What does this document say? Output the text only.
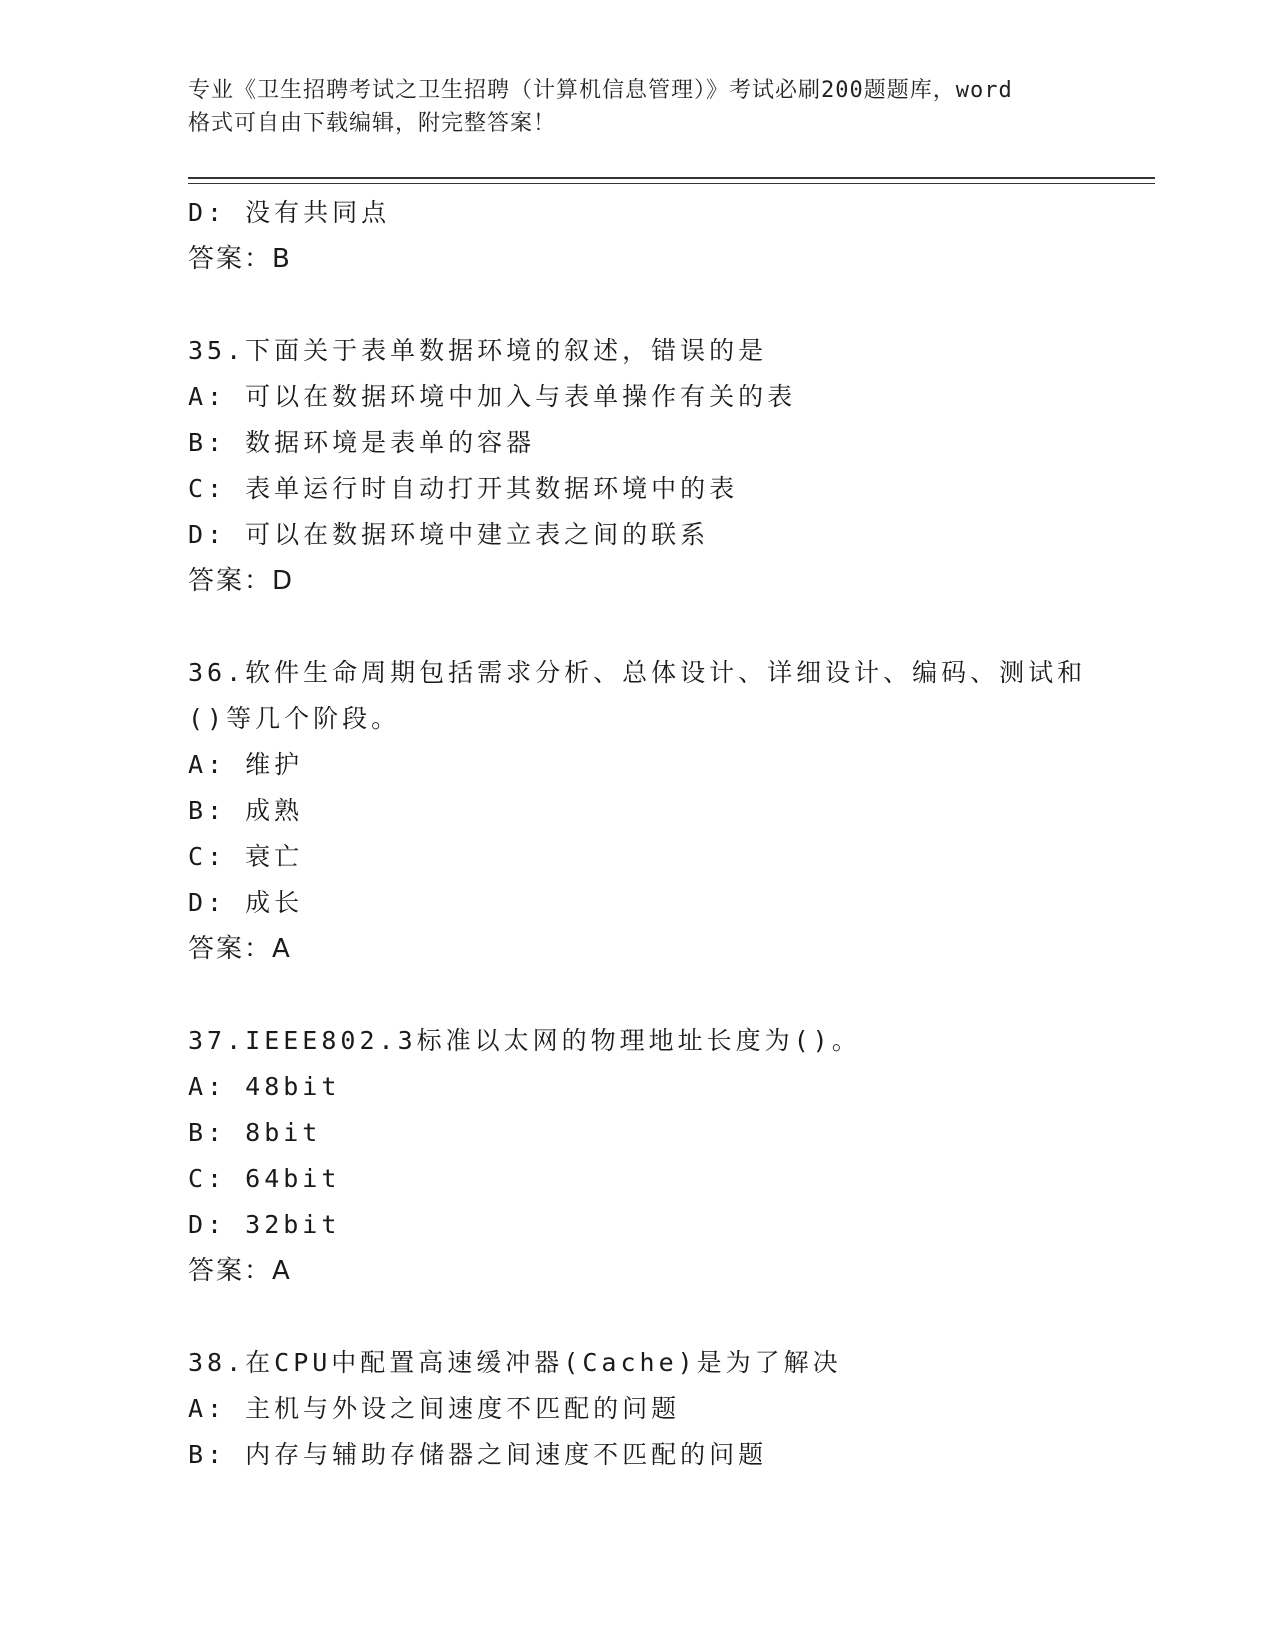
专业《卫生招聘考试之卫生招聘（计算机信息管理）》考试必刷200题题库，word
格式可自由下载编辑，附完整答案！
D: 没有共同点
答案：B
35.下面关于表单数据环境的叙述，错误的是
A: 可以在数据环境中加入与表单操作有关的表
B: 数据环境是表单的容器
C: 表单运行时自动打开其数据环境中的表
D: 可以在数据环境中建立表之间的联系
答案：D
36.软件生命周期包括需求分析、总体设计、详细设计、编码、测试和
()等几个阶段。
A: 维护
B: 成熟
C: 衰亡
D: 成长
答案：A
37.IEEE802.3标准以太网的物理地址长度为()。
A: 48bit
B: 8bit
C: 64bit
D: 32bit
答案：A
38.在CPU中配置高速缓冲器(Cache)是为了解决
A: 主机与外设之间速度不匹配的问题
B: 内存与辅助存储器之间速度不匹配的问题
